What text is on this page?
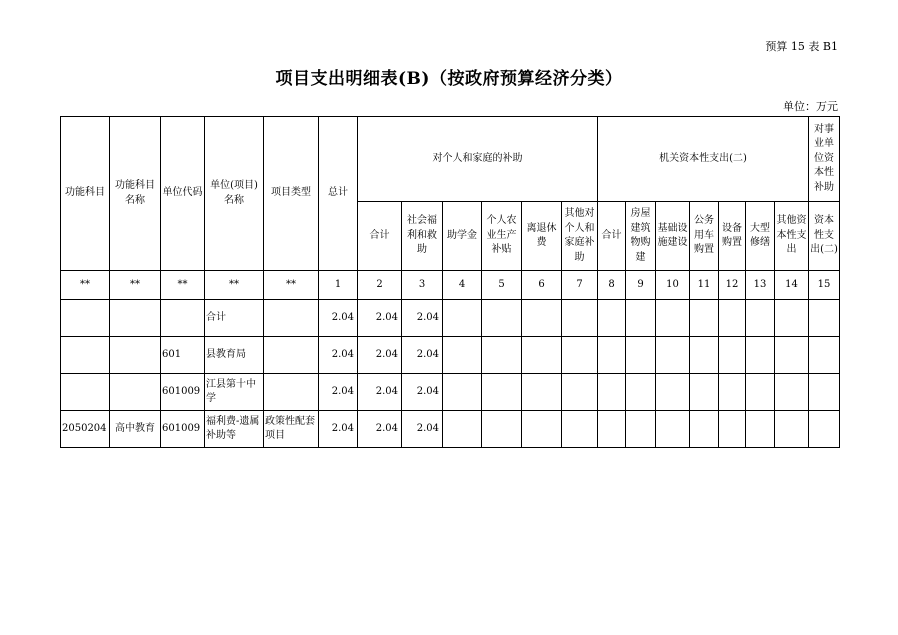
预算 15 表 B1
项目支出明细表(B)（按政府预算经济分类）
单位：万元
功能科目	功能科目名称	单位代码	单位(项目)名称	项目类型	总计	对个人和家庭的补助						机关资本性支出(二)							对事业单位资本性补助
						合计	社会福利和救助	助学金	个人农业生产补贴	离退休费	其他对个人和家庭补助	合计	房屋建筑物购建	基础设施建设	公务用车购置	设备购置	大型修缮	其他资本性支出	资本性支出(二)
**	**	**	**	**	1	2	3	4	5	6	7	8	9	10	11	12	13	14	15
			合计		2.04	2.04	2.04												
		601	县教育局		2.04	2.04	2.04												
		601009	江县第十中学		2.04	2.04	2.04												
2050204	高中教育	601009	福利费-遗属补助等	政策性配套项目	2.04	2.04	2.04												
